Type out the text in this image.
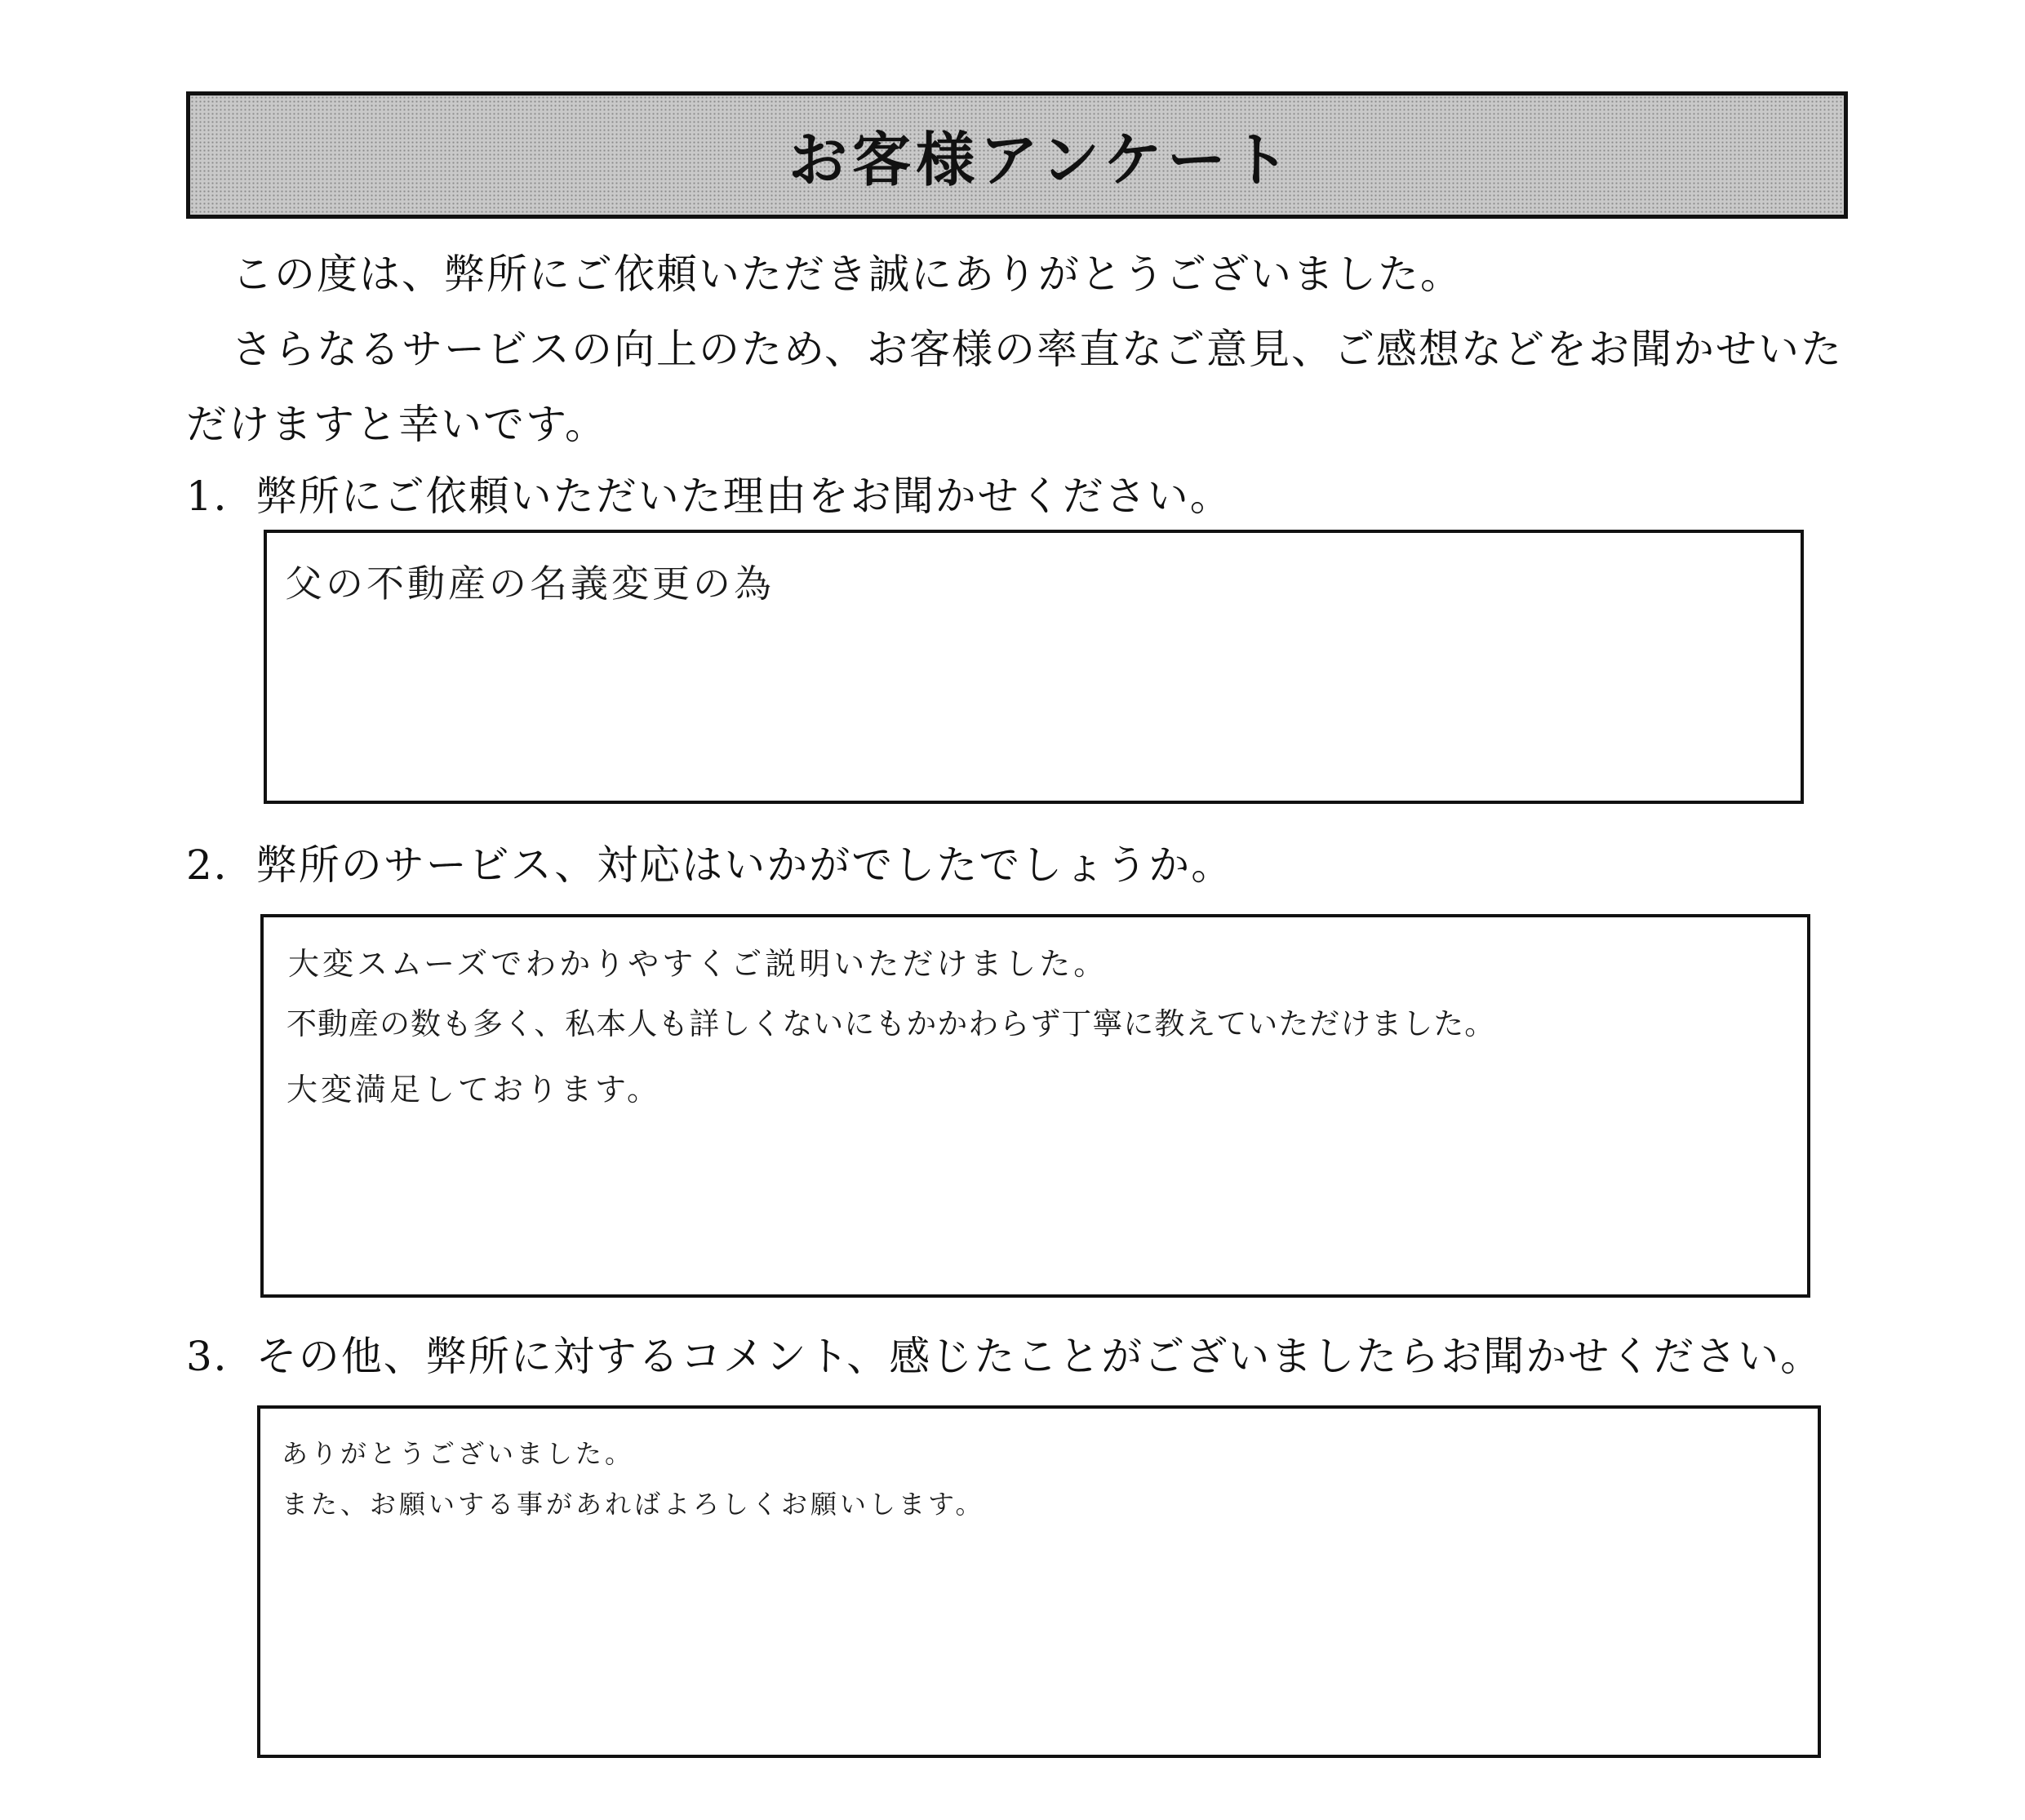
お客様アンケート

この度は、弊所にご依頼いただき誠にありがとうございました。

さらなるサービスの向上のため、お客様の率直なご意見、ご感想などをお聞かせいただけますと幸いです。

1．弊所にご依頼いただいた理由をお聞かせください。
父の不動産の名義変更の為
2．弊所のサービス、対応はいかがでしたでしょうか。
大変スムーズでわかりやすくご説明いただけました。
不動産の数も多く、私本人も詳しくないにもかかわらず丁寧に教えていただけました。
大変満足しております。
3．その他、弊所に対するコメント、感じたことがございましたらお聞かせください。
ありがとうございました。
また、お願いする事があればよろしくお願いします。
